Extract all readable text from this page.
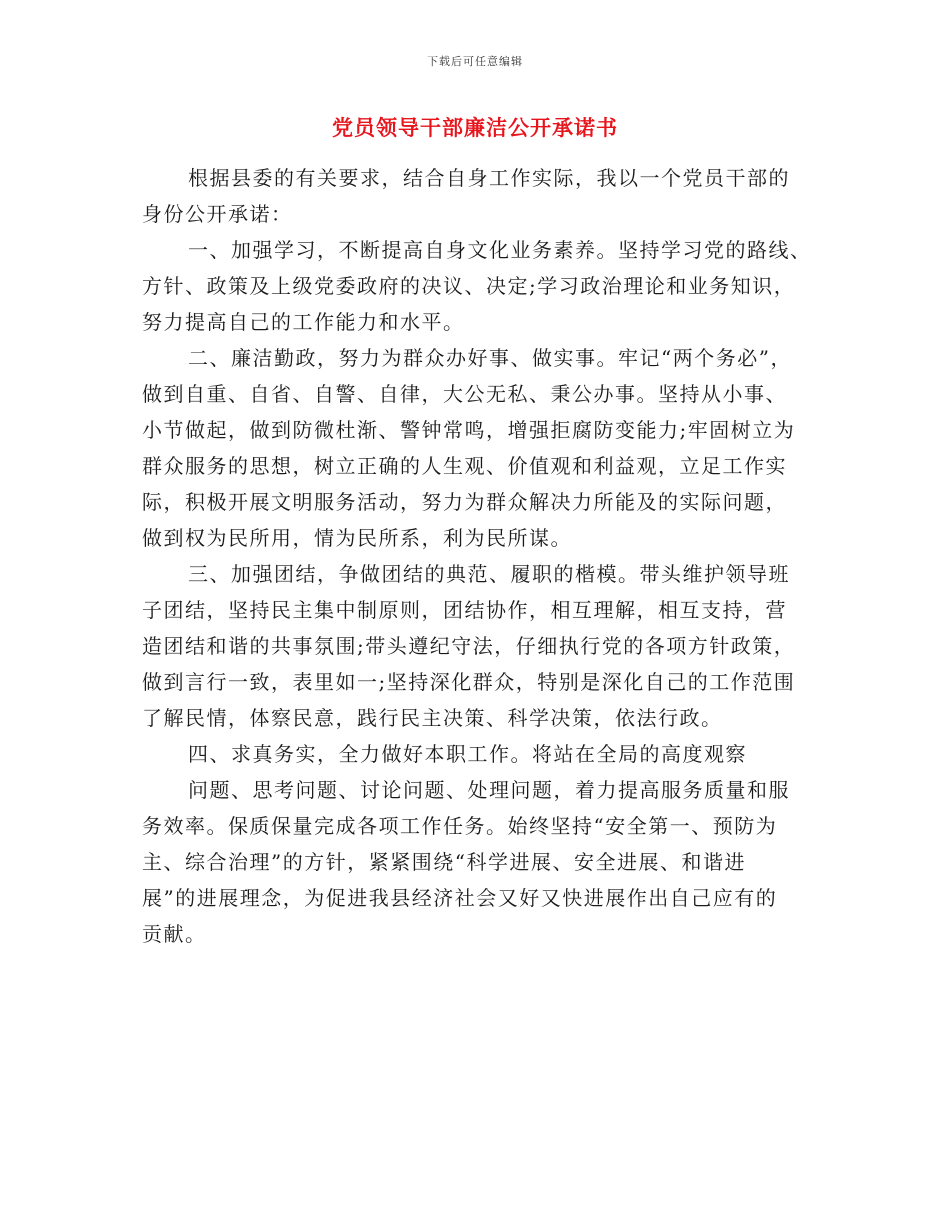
下载后可任意编辑
党员领导干部廉洁公开承诺书
根据县委的有关要求，结合自身工作实际，我以一个党员干部的
身份公开承诺：
一、加强学习，不断提高自身文化业务素养。坚持学习党的路线、
方针、政策及上级党委政府的决议、决定;学习政治理论和业务知识，
努力提高自己的工作能力和水平。
二、廉洁勤政，努力为群众办好事、做实事。牢记“两个务必”，
做到自重、自省、自警、自律，大公无私、秉公办事。坚持从小事、
小节做起，做到防微杜渐、警钟常鸣，增强拒腐防变能力;牢固树立为
群众服务的思想，树立正确的人生观、价值观和利益观，立足工作实
际，积极开展文明服务活动，努力为群众解决力所能及的实际问题，
做到权为民所用，情为民所系，利为民所谋。
三、加强团结，争做团结的典范、履职的楷模。带头维护领导班
子团结，坚持民主集中制原则，团结协作，相互理解，相互支持，营
造团结和谐的共事氛围;带头遵纪守法，仔细执行党的各项方针政策，
做到言行一致，表里如一;坚持深化群众，特别是深化自己的工作范围
了解民情，体察民意，践行民主决策、科学决策，依法行政。
四、求真务实，全力做好本职工作。将站在全局的高度观察
问题、思考问题、讨论问题、处理问题，着力提高服务质量和服
务效率。保质保量完成各项工作任务。始终坚持“安全第一、预防为
主、综合治理”的方针，紧紧围绕“科学进展、安全进展、和谐进
展”的进展理念，为促进我县经济社会又好又快进展作出自己应有的
贡献。
